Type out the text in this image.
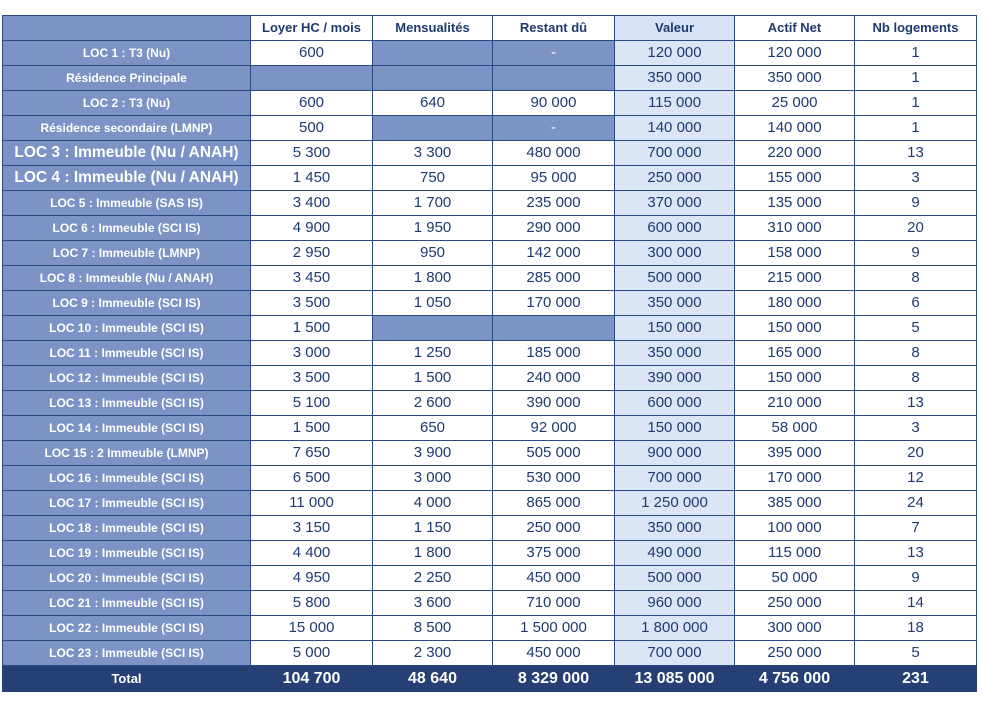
	Loyer HC / mois	Mensualités	Restant dû	Valeur	Actif Net	Nb logements
LOC 1 : T3 (Nu)	600		-	120 000	120 000	1
Résidence Principale				350 000	350 000	1
LOC 2 : T3 (Nu)	600	640	90 000	115 000	25 000	1
Résidence secondaire (LMNP)	500		-	140 000	140 000	1
LOC 3 : Immeuble (Nu / ANAH)	5 300	3 300	480 000	700 000	220 000	13
LOC 4 : Immeuble (Nu / ANAH)	1 450	750	95 000	250 000	155 000	3
LOC 5 : Immeuble (SAS IS)	3 400	1 700	235 000	370 000	135 000	9
LOC 6 : Immeuble (SCI IS)	4 900	1 950	290 000	600 000	310 000	20
LOC 7 : Immeuble (LMNP)	2 950	950	142 000	300 000	158 000	9
LOC 8 : Immeuble (Nu / ANAH)	3 450	1 800	285 000	500 000	215 000	8
LOC 9 : Immeuble (SCI IS)	3 500	1 050	170 000	350 000	180 000	6
LOC 10 : Immeuble (SCI IS)	1 500			150 000	150 000	5
LOC 11 : Immeuble (SCI IS)	3 000	1 250	185 000	350 000	165 000	8
LOC 12 : Immeuble (SCI IS)	3 500	1 500	240 000	390 000	150 000	8
LOC 13 : Immeuble (SCI IS)	5 100	2 600	390 000	600 000	210 000	13
LOC 14 : Immeuble (SCI IS)	1 500	650	92 000	150 000	58 000	3
LOC 15 : 2 Immeuble (LMNP)	7 650	3 900	505 000	900 000	395 000	20
LOC 16 : Immeuble (SCI IS)	6 500	3 000	530 000	700 000	170 000	12
LOC 17 : Immeuble (SCI IS)	11 000	4 000	865 000	1 250 000	385 000	24
LOC 18 : Immeuble (SCI IS)	3 150	1 150	250 000	350 000	100 000	7
LOC 19 : Immeuble (SCI IS)	4 400	1 800	375 000	490 000	115 000	13
LOC 20 : Immeuble (SCI IS)	4 950	2 250	450 000	500 000	50 000	9
LOC 21 : Immeuble (SCI IS)	5 800	3 600	710 000	960 000	250 000	14
LOC 22 : Immeuble (SCI IS)	15 000	8 500	1 500 000	1 800 000	300 000	18
LOC 23 : Immeuble (SCI IS)	5 000	2 300	450 000	700 000	250 000	5
Total	104 700	48 640	8 329 000	13 085 000	4 756 000	231
